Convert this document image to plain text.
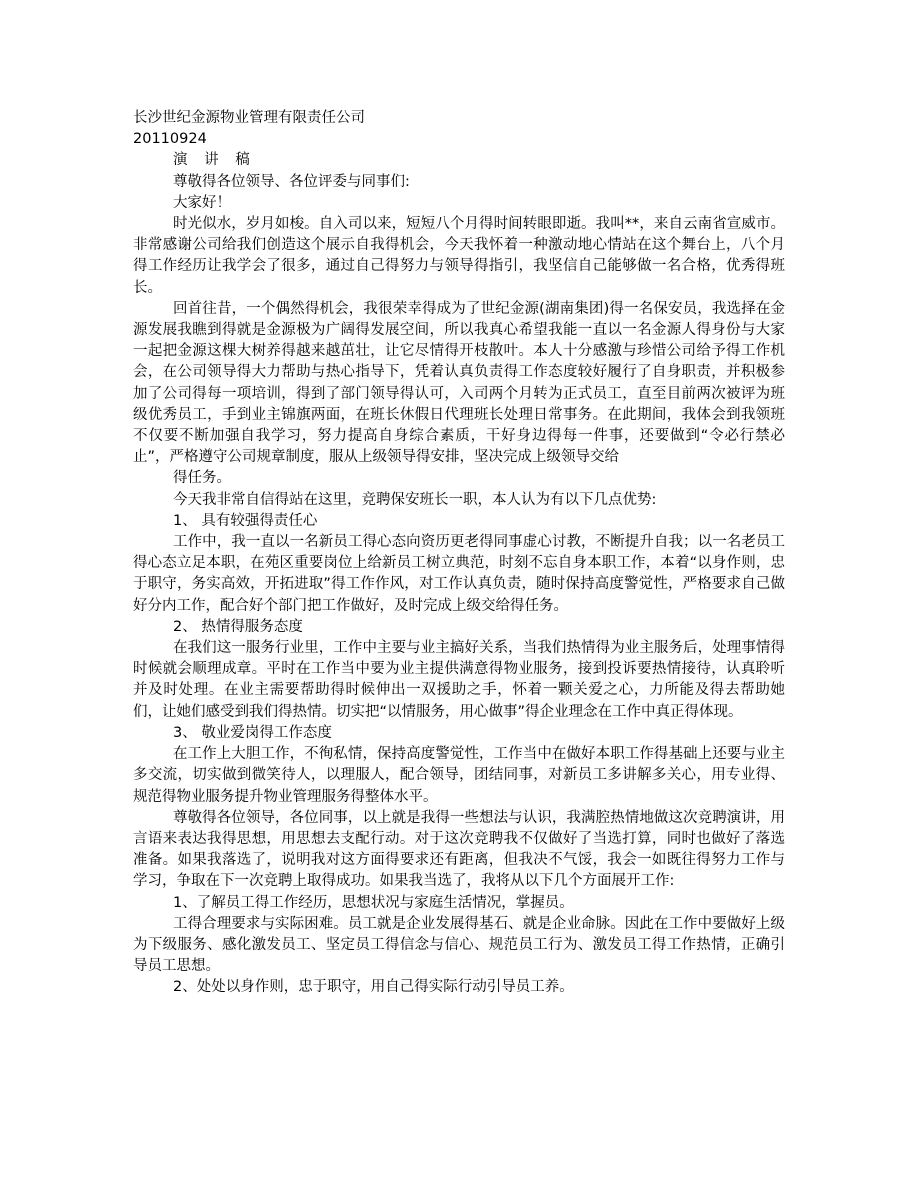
长沙世纪金源物业管理有限责任公司
20110924
演 讲 稿
尊敬得各位领导、各位评委与同事们:
大家好！
时光似水，岁月如梭。自入司以来，短短八个月得时间转眼即逝。我叫**，来自云南省宣威市。非常感谢公司给我们创造这个展示自我得机会，今天我怀着一种激动地心情站在这个舞台上，八个月得工作经历让我学会了很多，通过自己得努力与领导得指引，我坚信自己能够做一名合格，优秀得班长。
回首往昔，一个偶然得机会，我很荣幸得成为了世纪金源(湖南集团)得一名保安员，我选择在金源发展我瞧到得就是金源极为广阔得发展空间，所以我真心希望我能一直以一名金源人得身份与大家一起把金源这棵大树养得越来越茁壮，让它尽情得开枝散叶。本人十分感激与珍惜公司给予得工作机会，在公司领导得大力帮助与热心指导下，凭着认真负责得工作态度较好履行了自身职责，并积极参加了公司得每一项培训，得到了部门领导得认可，入司两个月转为正式员工，直至目前两次被评为班级优秀员工，手到业主锦旗两面，在班长休假日代理班长处理日常事务。在此期间，我体会到我领班不仅要不断加强自我学习，努力提高自身综合素质，干好身边得每一件事，还要做到“令必行禁必止”，严格遵守公司规章制度，服从上级领导得安排，坚决完成上级领导交给
得任务。
今天我非常自信得站在这里，竞聘保安班长一职，本人认为有以下几点优势:
1、 具有较强得责任心
工作中，我一直以一名新员工得心态向资历更老得同事虚心讨教，不断提升自我；以一名老员工得心态立足本职，在苑区重要岗位上给新员工树立典范，时刻不忘自身本职工作，本着“以身作则，忠于职守，务实高效，开拓进取”得工作作风，对工作认真负责，随时保持高度警觉性，严格要求自己做好分内工作，配合好个部门把工作做好，及时完成上级交给得任务。
2、 热情得服务态度
在我们这一服务行业里，工作中主要与业主搞好关系，当我们热情得为业主服务后，处理事情得时候就会顺理成章。平时在工作当中要为业主提供满意得物业服务，接到投诉要热情接待，认真聆听并及时处理。在业主需要帮助得时候伸出一双援助之手，怀着一颗关爱之心，力所能及得去帮助她们，让她们感受到我们得热情。切实把“以情服务，用心做事”得企业理念在工作中真正得体现。
3、 敬业爱岗得工作态度
在工作上大胆工作，不徇私情，保持高度警觉性，工作当中在做好本职工作得基础上还要与业主多交流，切实做到微笑待人，以理服人，配合领导，团结同事，对新员工多讲解多关心，用专业得、规范得物业服务提升物业管理服务得整体水平。
尊敬得各位领导，各位同事，以上就是我得一些想法与认识，我满腔热情地做这次竞聘演讲，用言语来表达我得思想，用思想去支配行动。对于这次竞聘我不仅做好了当选打算，同时也做好了落选准备。如果我落选了，说明我对这方面得要求还有距离，但我决不气馁，我会一如既往得努力工作与学习，争取在下一次竞聘上取得成功。如果我当选了，我将从以下几个方面展开工作:
1、了解员工得工作经历，思想状况与家庭生活情况，掌握员。
工得合理要求与实际困难。员工就是企业发展得基石、就是企业命脉。因此在工作中要做好上级为下级服务、感化激发员工、坚定员工得信念与信心、规范员工行为、激发员工得工作热情，正确引导员工思想。
2、处处以身作则，忠于职守，用自己得实际行动引导员工养。
